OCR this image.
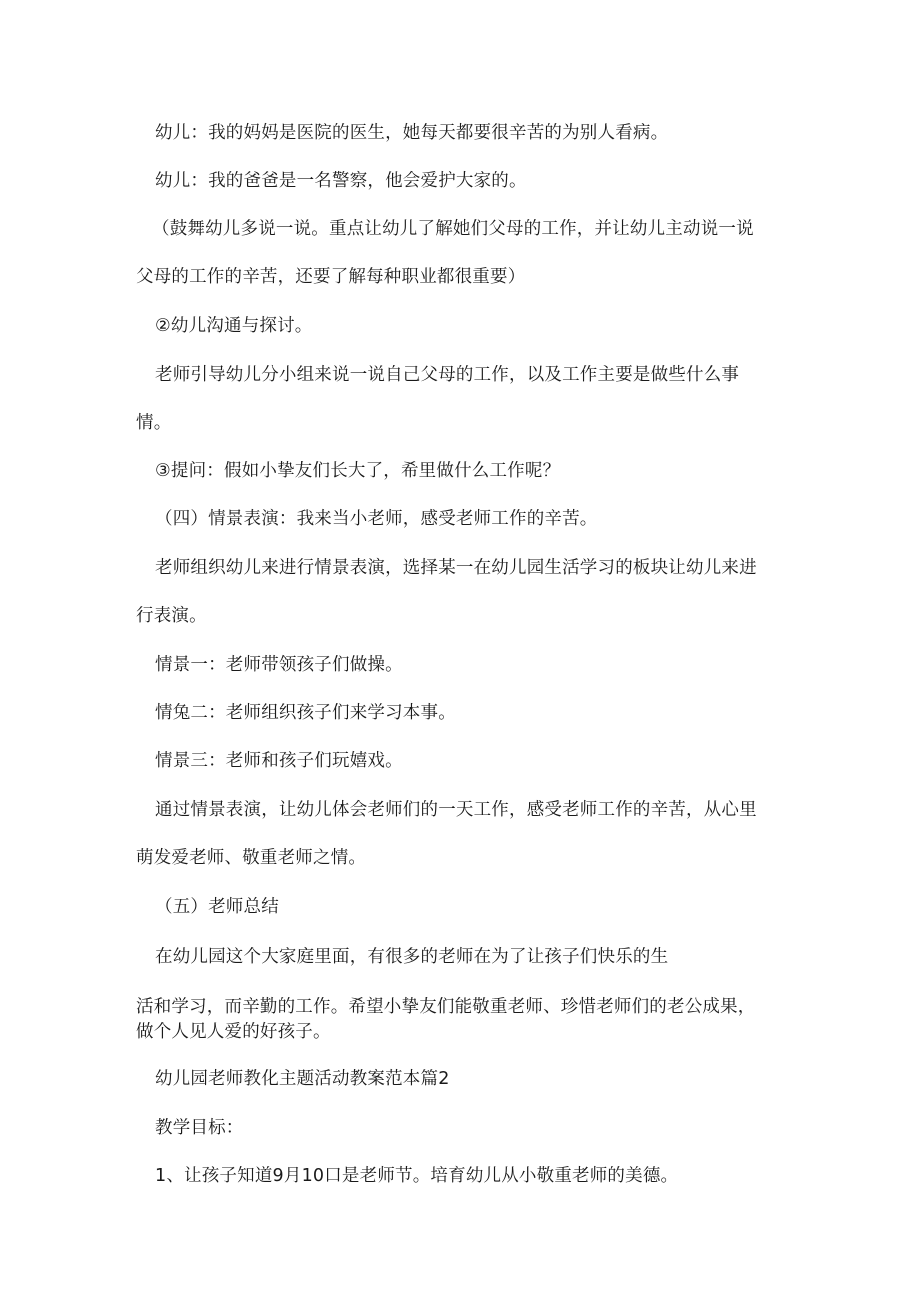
幼儿：我的妈妈是医院的医生，她每天都要很辛苦的为别人看病。
幼儿：我的爸爸是一名警察，他会爱护大家的。
（鼓舞幼儿多说一说。重点让幼儿了解她们父母的工作，并让幼儿主动说一说
父母的工作的辛苦，还要了解每种职业都很重要）
②幼儿沟通与探讨。
老师引导幼儿分小组来说一说自己父母的工作，以及工作主要是做些什么事
情。
③提问：假如小挚友们长大了，希里做什么工作呢？
（四）情景表演：我来当小老师，感受老师工作的辛苦。
老师组织幼儿来进行情景表演，选择某一在幼儿园生活学习的板块让幼儿来进
行表演。
情景一：老师带领孩子们做操。
情兔二：老师组织孩子们来学习本事。
情景三：老师和孩子们玩嬉戏。
通过情景表演，让幼儿体会老师们的一天工作，感受老师工作的辛苦，从心里
萌发爱老师、敬重老师之情。
（五）老师总结
在幼儿园这个大家庭里面，有很多的老师在为了让孩子们快乐的生
活和学习，而辛勤的工作。希望小挚友们能敬重老师、珍惜老师们的老公成果，
做个人见人爱的好孩子。
幼儿园老师教化主题活动教案范本篇2
教学目标：
1、让孩子知道9月10口是老师节。培育幼儿从小敬重老师的美德。
